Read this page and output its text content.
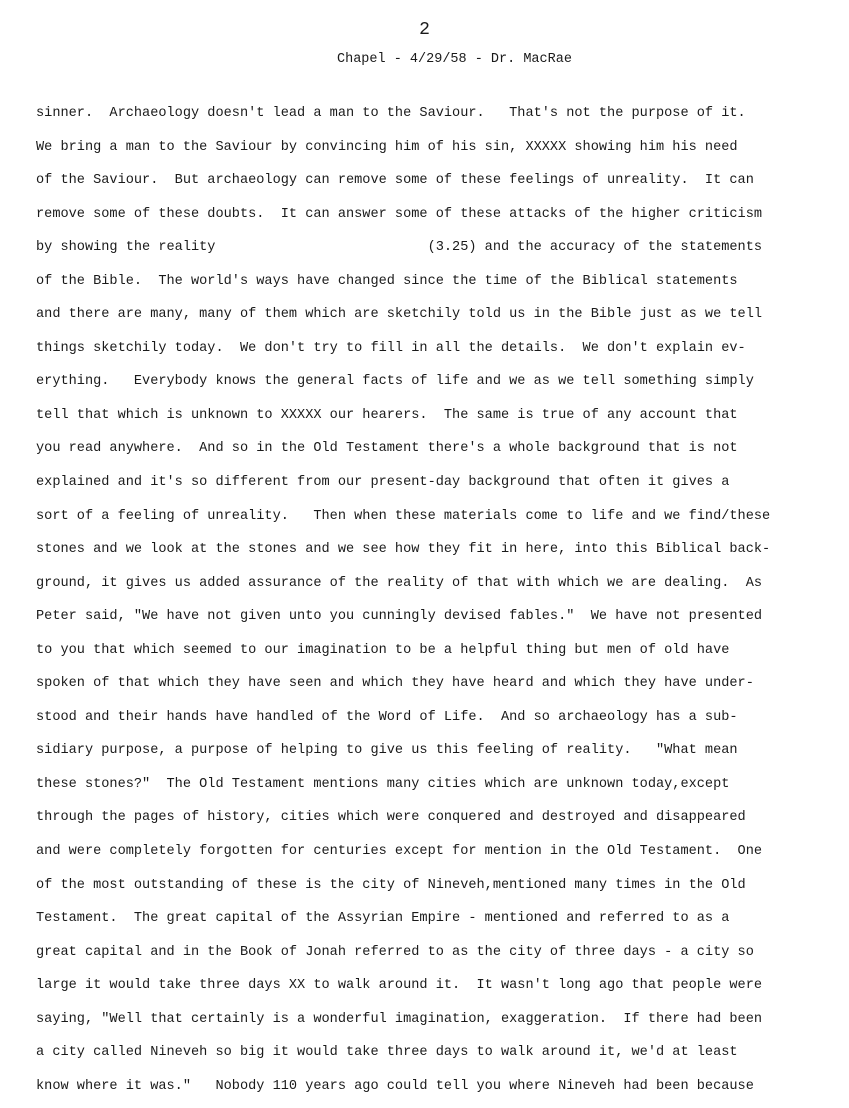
2
Chapel - 4/29/58 - Dr. MacRae
sinner.  Archaeology doesn't lead a man to the Saviour.   That's not the purpose of it.
We bring a man to the Saviour by convincing him of his sin, XXXXX showing him his need
of the Saviour.  But archaeology can remove some of these feelings of unreality.  It can
remove some of these doubts.  It can answer some of these attacks of the higher criticism
by showing the reality                          (3.25) and the accuracy of the statements
of the Bible.  The world's ways have changed since the time of the Biblical statements
and there are many, many of them which are sketchily told us in the Bible just as we tell
things sketchily today.  We don't try to fill in all the details.  We don't explain ev-
erything.   Everybody knows the general facts of life and we as we tell something simply
tell that which is unknown to XXXXX our hearers.  The same is true of any account that
you read anywhere.  And so in the Old Testament there's a whole background that is not
explained and it's so different from our present-day background that often it gives a
sort of a feeling of unreality.   Then when these materials come to life and we find/these
stones and we look at the stones and we see how they fit in here, into this Biblical back-
ground, it gives us added assurance of the reality of that with which we are dealing.  As
Peter said, "We have not given unto you cunningly devised fables."  We have not presented
to you that which seemed to our imagination to be a helpful thing but men of old have
spoken of that which they have seen and which they have heard and which they have under-
stood and their hands have handled of the Word of Life.  And so archaeology has a sub-
sidiary purpose, a purpose of helping to give us this feeling of reality.   "What mean
these stones?"  The Old Testament mentions many cities which are unknown today,except
through the pages of history, cities which were conquered and destroyed and disappeared
and were completely forgotten for centuries except for mention in the Old Testament.  One
of the most outstanding of these is the city of Nineveh,mentioned many times in the Old
Testament.  The great capital of the Assyrian Empire - mentioned and referred to as a
great capital and in the Book of Jonah referred to as the city of three days - a city so
large it would take three days XX to walk around it.  It wasn't long ago that people were
saying, "Well that certainly is a wonderful imagination, exaggeration.  If there had been
a city called Nineveh so big it would take three days to walk around it, we'd at least
know where it was."   Nobody 110 years ago could tell you where Nineveh had been because
